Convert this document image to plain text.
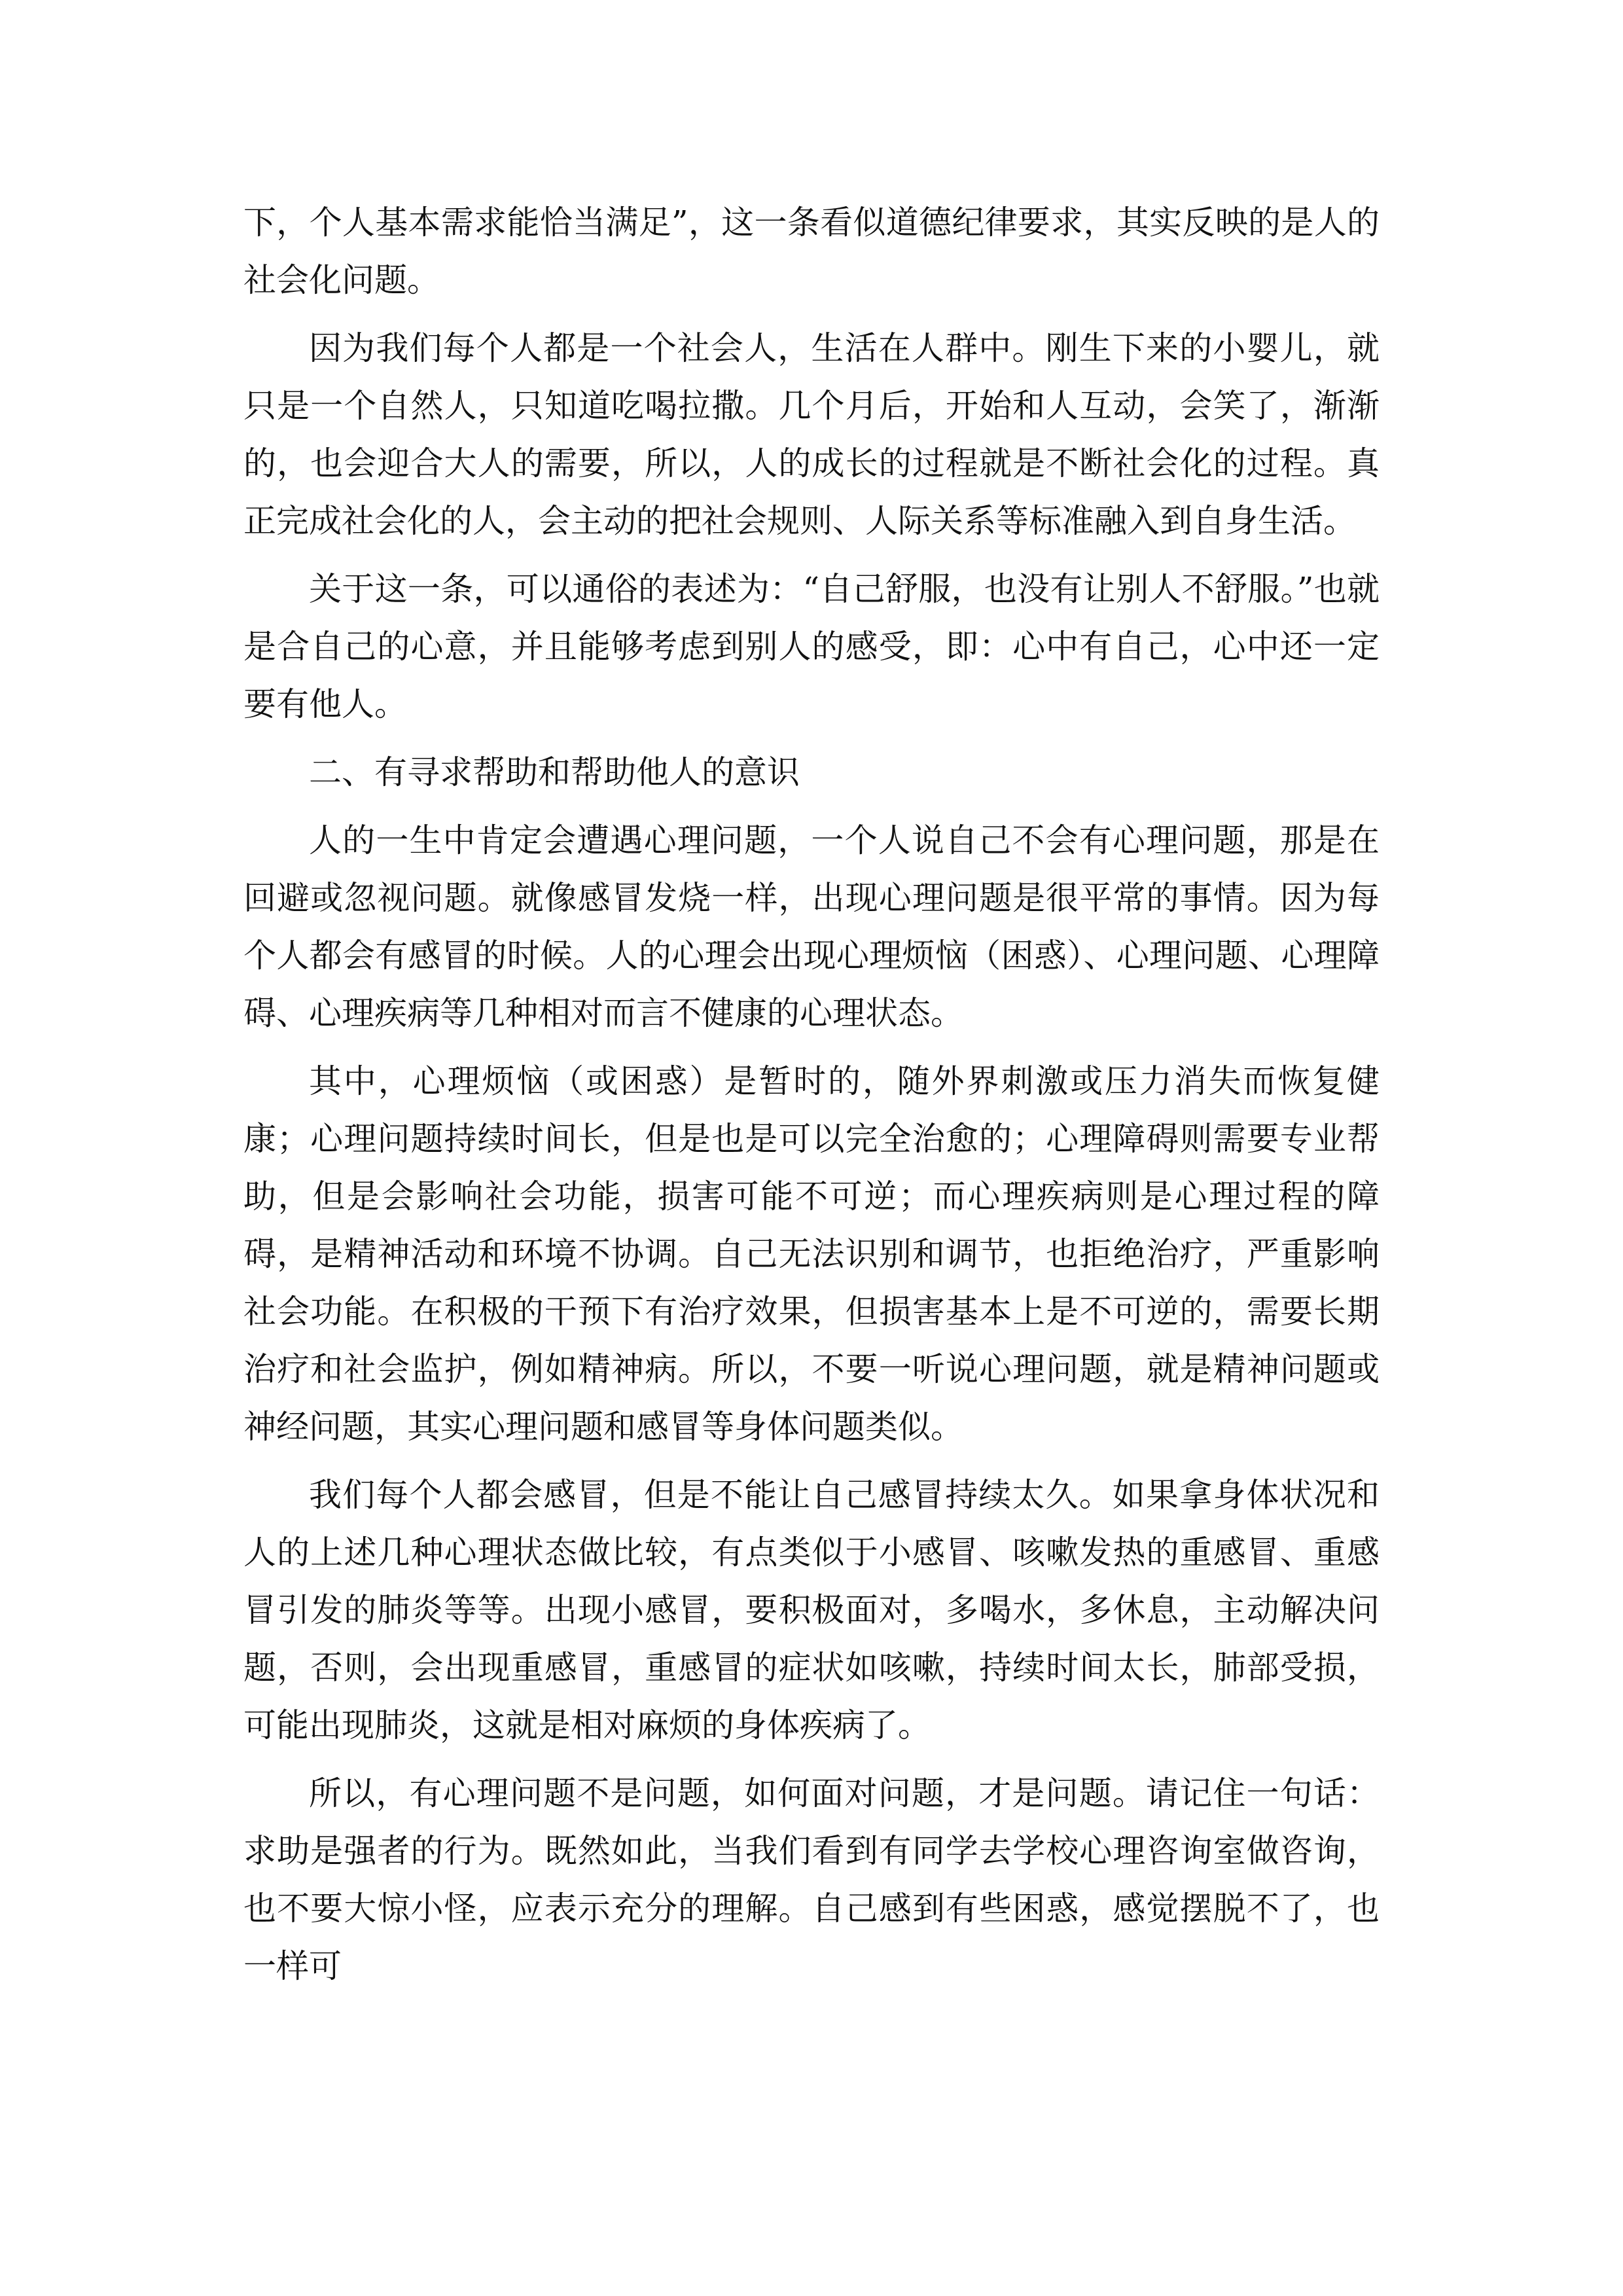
下，个人基本需求能恰当满足”，这一条看似道德纪律要求，其实反映的是人的社会化问题。

因为我们每个人都是一个社会人，生活在人群中。刚生下来的小婴儿，就只是一个自然人，只知道吃喝拉撒。几个月后，开始和人互动，会笑了，渐渐的，也会迎合大人的需要，所以，人的成长的过程就是不断社会化的过程。真正完成社会化的人，会主动的把社会规则、人际关系等标准融入到自身生活。

关于这一条，可以通俗的表述为：“自己舒服，也没有让别人不舒服。”也就是合自己的心意，并且能够考虑到别人的感受，即：心中有自己，心中还一定要有他人。

二、有寻求帮助和帮助他人的意识

人的一生中肯定会遭遇心理问题，一个人说自己不会有心理问题，那是在回避或忽视问题。就像感冒发烧一样，出现心理问题是很平常的事情。因为每个人都会有感冒的时候。人的心理会出现心理烦恼（困惑）、心理问题、心理障碍、心理疾病等几种相对而言不健康的心理状态。

其中，心理烦恼（或困惑）是暂时的，随外界刺激或压力消失而恢复健康；心理问题持续时间长，但是也是可以完全治愈的；心理障碍则需要专业帮助，但是会影响社会功能，损害可能不可逆；而心理疾病则是心理过程的障碍，是精神活动和环境不协调。自己无法识别和调节，也拒绝治疗，严重影响社会功能。在积极的干预下有治疗效果，但损害基本上是不可逆的，需要长期治疗和社会监护，例如精神病。所以，不要一听说心理问题，就是精神问题或神经问题，其实心理问题和感冒等身体问题类似。

我们每个人都会感冒，但是不能让自己感冒持续太久。如果拿身体状况和人的上述几种心理状态做比较，有点类似于小感冒、咳嗽发热的重感冒、重感冒引发的肺炎等等。出现小感冒，要积极面对，多喝水，多休息，主动解决问题，否则，会出现重感冒，重感冒的症状如咳嗽，持续时间太长，肺部受损，可能出现肺炎，这就是相对麻烦的身体疾病了。

所以，有心理问题不是问题，如何面对问题，才是问题。请记住一句话：求助是强者的行为。既然如此，当我们看到有同学去学校心理咨询室做咨询，也不要大惊小怪，应表示充分的理解。自己感到有些困惑，感觉摆脱不了，也一样可
